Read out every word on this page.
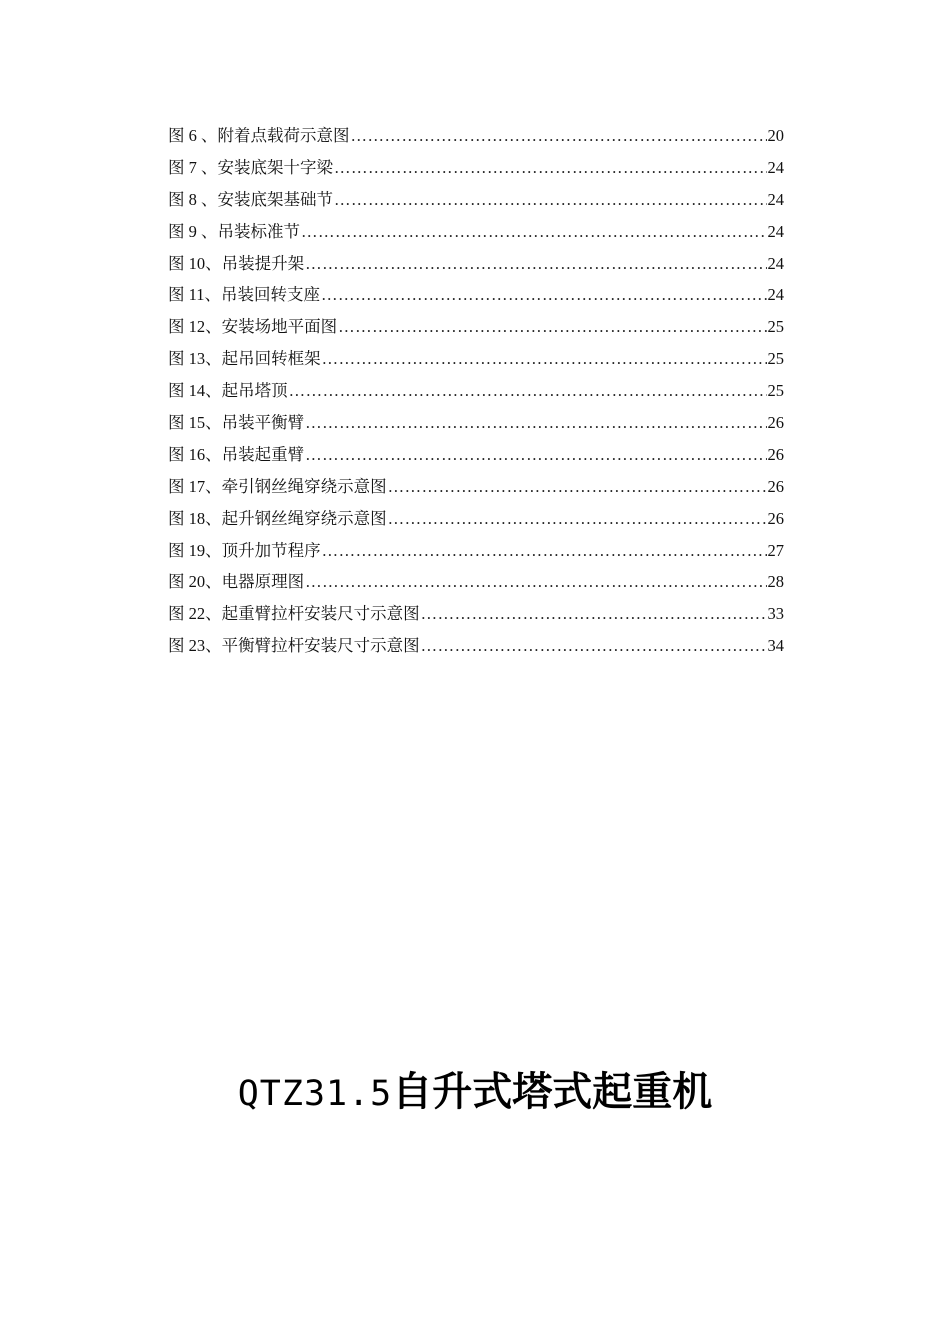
图 6 、附着点载荷示意图 ……………………………………………………………………………………………………………………………………………………………………………………	20
图 7 、安装底架十字梁 ……………………………………………………………………………………………………………………………………………………………………………………	24
图 8 、安装底架基础节 ……………………………………………………………………………………………………………………………………………………………………………………	24
图 9 、吊装标准节 ……………………………………………………………………………………………………………………………………………………………………………………	24
图 10、吊装提升架 ……………………………………………………………………………………………………………………………………………………………………………………	24
图 11、吊装回转支座 ……………………………………………………………………………………………………………………………………………………………………………………	24
图 12、安装场地平面图 ……………………………………………………………………………………………………………………………………………………………………………………	25
图 13、起吊回转框架 ……………………………………………………………………………………………………………………………………………………………………………………	25
图 14、起吊塔顶 ……………………………………………………………………………………………………………………………………………………………………………………	25
图 15、吊装平衡臂 ……………………………………………………………………………………………………………………………………………………………………………………	26
图 16、吊装起重臂 ……………………………………………………………………………………………………………………………………………………………………………………	26
图 17、牵引钢丝绳穿绕示意图 ……………………………………………………………………………………………………………………………………………………………………………………	26
图 18、起升钢丝绳穿绕示意图 ……………………………………………………………………………………………………………………………………………………………………………………	26
图 19、顶升加节程序 ……………………………………………………………………………………………………………………………………………………………………………………	27
图 20、电器原理图 ……………………………………………………………………………………………………………………………………………………………………………………	28
图 22、起重臂拉杆安装尺寸示意图 ……………………………………………………………………………………………………………………………………………………………………………………	33
图 23、平衡臂拉杆安装尺寸示意图 ……………………………………………………………………………………………………………………………………………………………………………………	34
QTZ31.5自升式塔式起重机
